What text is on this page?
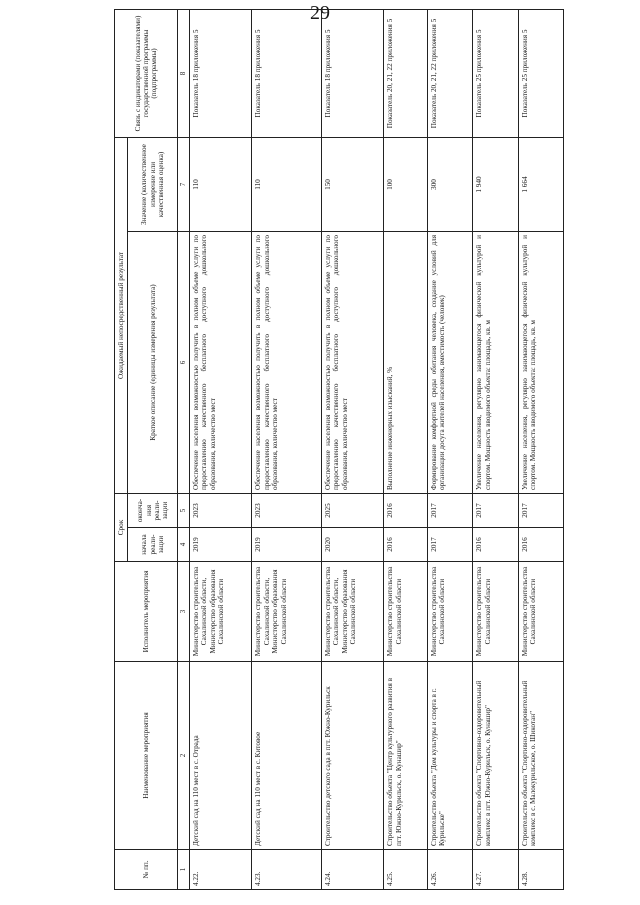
29
№ пп.	Наименование мероприятия	Исполнитель мероприятия	Срок		Ожидаемый непосредственный результат		Связь с индикаторами (показателями) государственной программы (подпрограммы)
			начала реали-зации	оконча-ния реали-зации	Краткое описание (единицы измерения результата)	Значение (количественное измерение или качественная оценка)	

1	2	3	4	5	6	7	8
4.22.	Детский сад на 110 мест в с. Отрада	Министерство строительства Сахалинской области, Министерство образования Сахалинской области	2019	2023	Обеспечение населения возможностью получить в полном объеме услуги по предоставлению качественного бесплатного доступного дошкольного образования, количество мест	110	Показатель 18 приложения 5
4.23.	Детский сад на 110 мест в с. Китовое	Министерство строительства Сахалинской области, Министерство образования Сахалинской области	2019	2023	Обеспечение населения возможностью получить в полном объеме услуги по предоставлению качественного бесплатного доступного дошкольного образования, количество мест	110	Показатель 18 приложения 5
4.24.	Строительство детского сада в пгт. Южно-Курильск	Министерство строительства Сахалинской области, Министерство образования Сахалинской области	2020	2025	Обеспечение населения возможностью получить в полном объеме услуги по предоставлению качественного бесплатного доступного дошкольного образования, количество мест	150	Показатель 18 приложения 5
4.25.	Строительство объекта "Центр культурного развития в пгт. Южно-Курильск, о. Кунашир"	Министерство строительства Сахалинской области	2016	2016	Выполнение инженерных изысканий, %	100	Показатель 20, 21, 22 приложения 5
4.26.	Строительство объекта "Дом культуры и спорта в г. Курильске"	Министерство строительства Сахалинской области	2017	2017	Формирование комфортной среды обитания человека, создание условий для организации досуга жителей населения, вместимость (человек)	300	Показатель 20, 21, 22 приложения 5
4.27.	Строительство объекта "Спортивно-оздоровительный комплекс в пгт. Южно-Курильск, о. Кунашир"	Министерство строительства Сахалинской области	2016	2017	Увеличение населения, регулярно занимающегося физической культурой и спортом. Мощность вводимого объекта: площадь, кв. м	1 940	Показатель 25 приложения 5
4.28.	Строительство объекта "Спортивно-оздоровительный комплекс в с. Малокурильское, о. Шикотан"	Министерство строительства Сахалинской области	2016	2017	Увеличение населения, регулярно занимающегося физической культурой и спортом. Мощность вводимого объекта: площадь, кв. м	1 664	Показатель 25 приложения 5
